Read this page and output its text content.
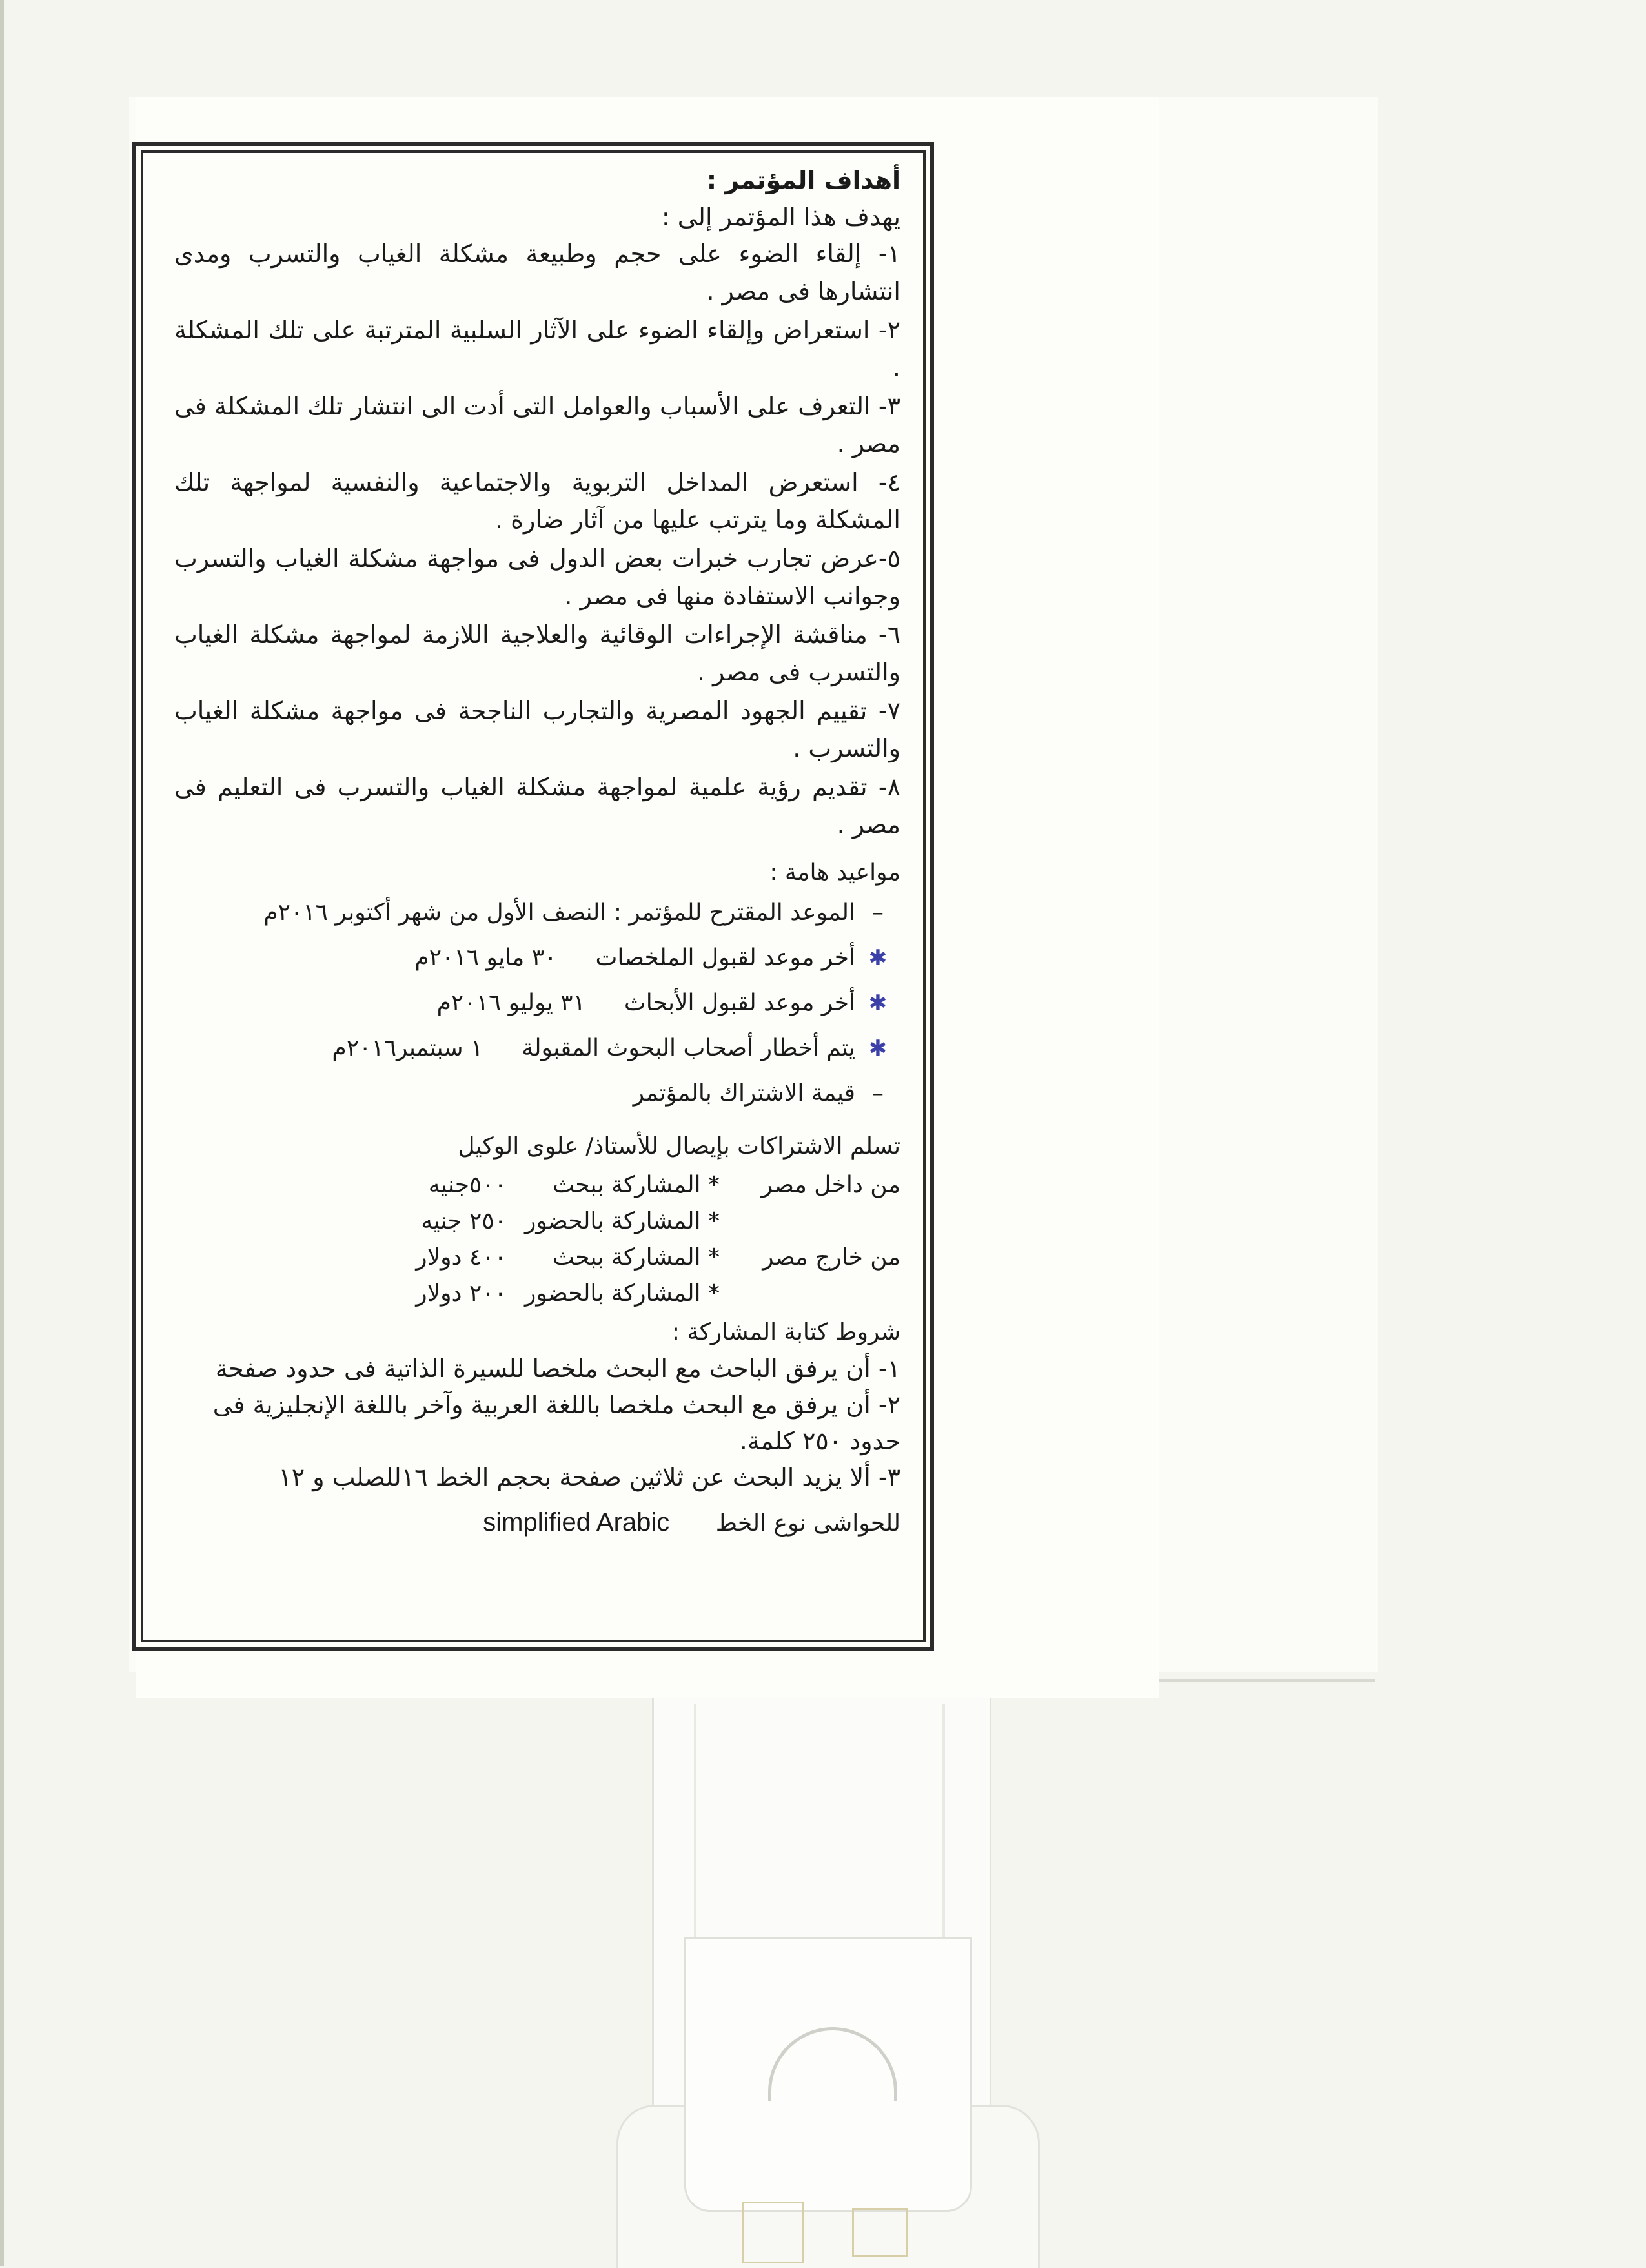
أهداف المؤتمر :

يهدف هذا المؤتمر إلى :

١- إلقاء الضوء على حجم وطبيعة مشكلة الغياب والتسرب ومدى انتشارها فى مصر .

٢- استعراض وإلقاء الضوء على الآثار السلبية المترتبة على تلك المشكلة .

٣- التعرف على الأسباب والعوامل التى أدت الى انتشار تلك المشكلة فى مصر .

٤- استعرض المداخل التربوية والاجتماعية والنفسية لمواجهة تلك المشكلة وما يترتب عليها من آثار ضارة .

٥-عرض تجارب خبرات بعض الدول فى مواجهة مشكلة الغياب والتسرب وجوانب الاستفادة منها فى مصر .

٦- مناقشة الإجراءات الوقائية والعلاجية اللازمة لمواجهة مشكلة الغياب والتسرب فى مصر .

٧- تقييم الجهود المصرية والتجارب الناجحة فى مواجهة مشكلة الغياب والتسرب .

٨- تقديم رؤية علمية لمواجهة مشكلة الغياب والتسرب فى التعليم فى مصر .

مواعيد هامة :

–
الموعد المقترح للمؤتمر : النصف الأول من شهر أكتوبر ٢٠١٦م
✱
أخر موعد لقبول الملخصات
٣٠ مايو ٢٠١٦م
✱
أخر موعد لقبول الأبحاث
٣١ يوليو ٢٠١٦م
✱
يتم أخطار أصحاب البحوث المقبولة
١ سبتمبر٢٠١٦م
–
قيمة الاشتراك بالمؤتمر

تسلم الاشتراكات بإيصال للأستاذ/ علوى الوكيل

من داخل مصر
* المشاركة ببحث
٥٠٠جنيه
* المشاركة بالحضور
٢٥٠ جنيه
من خارج مصر
* المشاركة ببحث
٤٠٠ دولار
* المشاركة بالحضور
٢٠٠ دولار

شروط كتابة المشاركة :

١- أن يرفق الباحث مع البحث ملخصا للسيرة الذاتية فى حدود صفحة

٢- أن يرفق مع البحث ملخصا باللغة العربية وآخر باللغة الإنجليزية فى حدود ٢٥٠ كلمة.

٣- ألا يزيد البحث عن ثلاثين صفحة بحجم الخط ١٦للصلب و ١٢

للحواشى نوع الخط simplified Arabic
